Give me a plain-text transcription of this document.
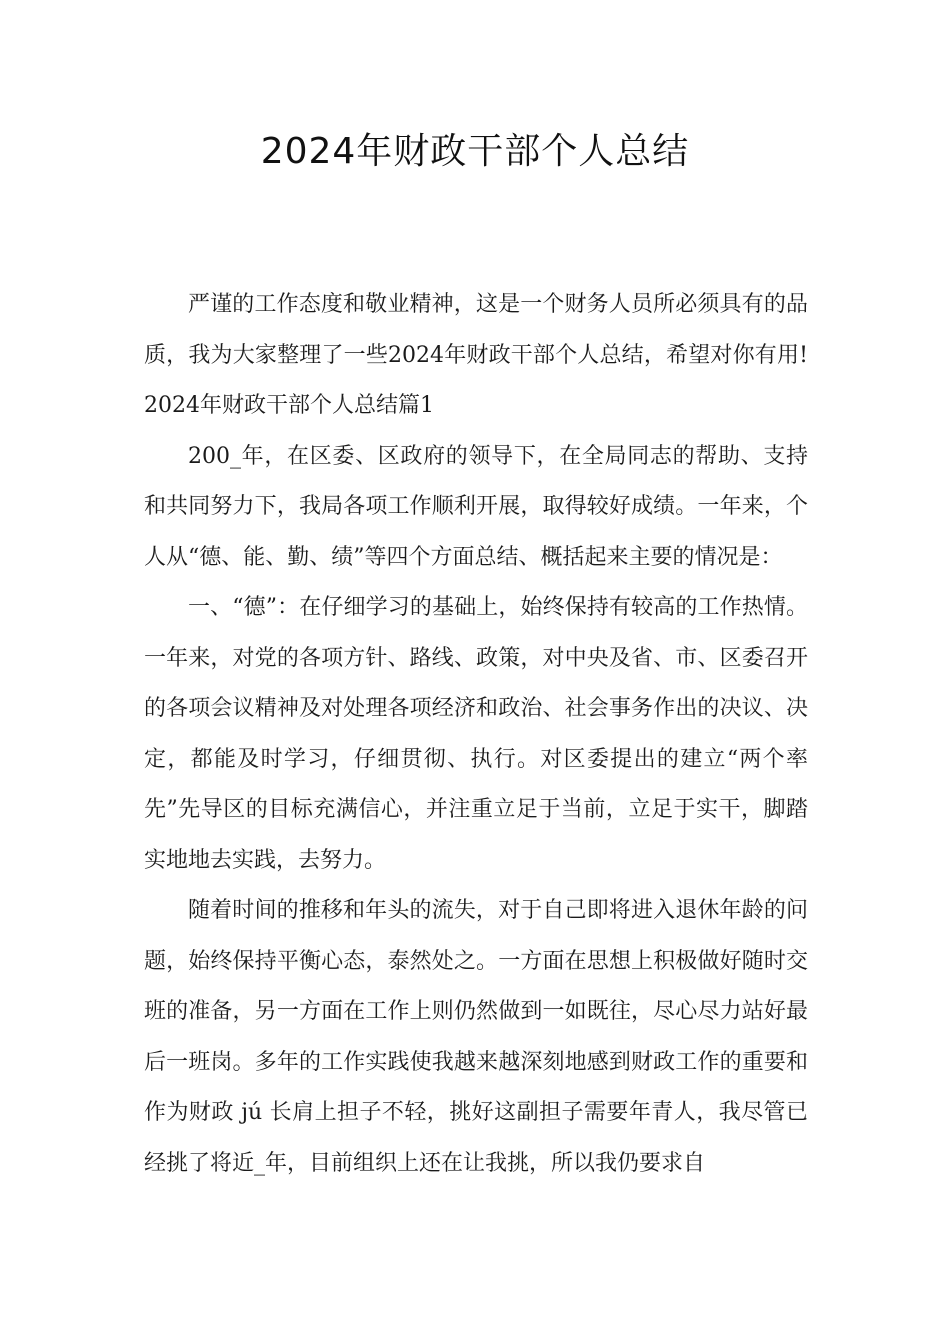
2024年财政干部个人总结

严谨的工作态度和敬业精神，这是一个财务人员所必须具有的品质，我为大家整理了一些2024年财政干部个人总结，希望对你有用!2024年财政干部个人总结篇1

200_年，在区委、区政府的领导下，在全局同志的帮助、支持和共同努力下，我局各项工作顺利开展，取得较好成绩。一年来，个人从“德、能、勤、绩”等四个方面总结、概括起来主要的情况是：

一、“德”：在仔细学习的基础上，始终保持有较高的工作热情。一年来，对党的各项方针、路线、政策，对中央及省、市、区委召开的各项会议精神及对处理各项经济和政治、社会事务作出的决议、决定，都能及时学习，仔细贯彻、执行。对区委提出的建立“两个率先”先导区的目标充满信心，并注重立足于当前，立足于实干，脚踏实地地去实践，去努力。

随着时间的推移和年头的流失，对于自己即将进入退休年龄的问题，始终保持平衡心态，泰然处之。一方面在思想上积极做好随时交班的准备，另一方面在工作上则仍然做到一如既往，尽心尽力站好最后一班岗。多年的工作实践使我越来越深刻地感到财政工作的重要和作为财政 jú 长肩上担子不轻，挑好这副担子需要年青人，我尽管已经挑了将近_年，目前组织上还在让我挑，所以我仍要求自
